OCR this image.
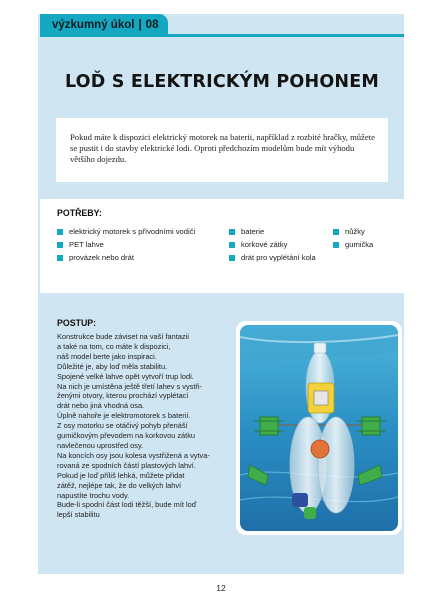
výzkumný úkol | 08
LOĎ S ELEKTRICKÝM POHONEM

Pokud máte k dispozici elektrický motorek na baterii, například z rozbité hračky, můžete se pustit i do stavby elektrické lodi. Oproti předchozím modelům bude mít výhodu většího dojezdu.

POTŘEBY:
elektrický motorek s přívodními vodiči
PET lahve
provázek nebo drát
baterie
korkové zátky
drát pro vyplétání kola
nůžky
gumička
POSTUP:

Konstrukce bude záviset na vaší fantazii
a také na tom, co máte k dispozici,
náš model berte jako inspiraci.
Důležité je, aby loď měla stabilitu.
Spojené velké lahve opět vytvoří trup lodi.
Na nich je umístěna ještě třetí lahev s vystři-
ženými otvory, kterou prochází vyplétací
drát nebo jiná vhodná osa.
Úplně nahoře je elektromotorek s baterií.
Z osy motorku se otáčivý pohyb přenáší
gumičkovým převodem na korkovou zátku
navlečenou uprostřed osy.
Na koncích osy jsou kolesa vystřižená a vytva-
rovaná ze spodních částí plastových lahví.
Pokud je loď příliš lehká, můžete přidat
zátěž, nejlépe tak, že do velkých lahví
napustíte trochu vody.
Bude-li spodní část lodi těžší, bude mít loď
lepší stabilitu

12
